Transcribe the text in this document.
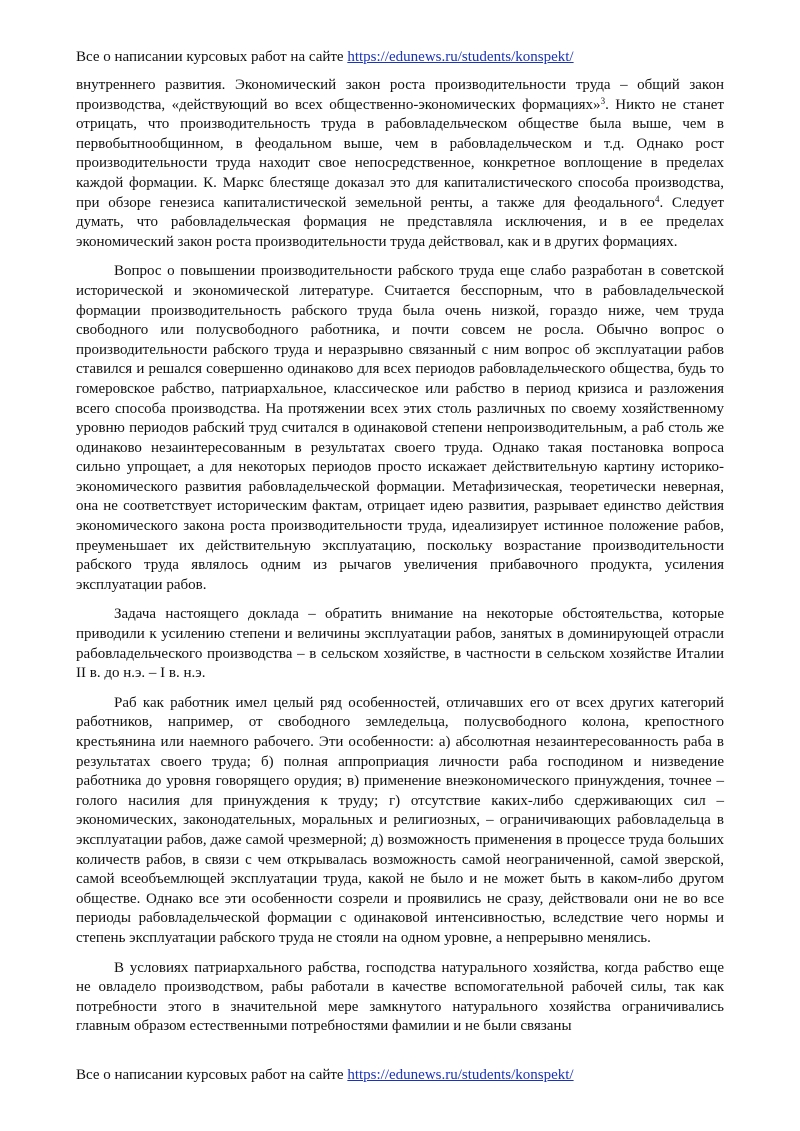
Все о написании курсовых работ на сайте https://edunews.ru/students/konspekt/

внутреннего развития. Экономический закон роста производительности труда – общий закон производства, «действующий во всех общественно-экономических формациях»$^3$. Никто не станет отрицать, что производительность труда в рабовладельческом обществе была выше, чем в первобытнообщинном, в феодальном выше, чем в рабовладельческом и т.д. Однако рост производительности труда находит свое непосредственное, конкретное воплощение в пределах каждой формации. К. Маркс блестяще доказал это для капиталистического способа производства, при обзоре генезиса капиталистической земельной ренты, а также для феодального$^4$. Следует думать, что рабовладельческая формация не представляла исключения, и в ее пределах экономический закон роста производительности труда действовал, как и в других формациях.

Вопрос о повышении производительности рабского труда еще слабо разработан в советской исторической и экономической литературе. Считается бесспорным, что в рабовладельческой формации производительность рабского труда была очень низкой, гораздо ниже, чем труда свободного или полусвободного работника, и почти совсем не росла. Обычно вопрос о производительности рабского труда и неразрывно связанный с ним вопрос об эксплуатации рабов ставился и решался совершенно одинаково для всех периодов рабовладельческого общества, будь то гомеровское рабство, патриархальное, классическое или рабство в период кризиса и разложения всего способа производства. На протяжении всех этих столь различных по своему хозяйственному уровню периодов рабский труд считался в одинаковой степени непроизводительным, а раб столь же одинаково незаинтересованным в результатах своего труда. Однако такая постановка вопроса сильно упрощает, а для некоторых периодов просто искажает действительную картину историко-экономического развития рабовладельческой формации. Метафизическая, теоретически неверная, она не соответствует историческим фактам, отрицает идею развития, разрывает единство действия экономического закона роста производительности труда, идеализирует истинное положение рабов, преуменьшает их действительную эксплуатацию, поскольку возрастание производительности рабского труда являлось одним из рычагов увеличения прибавочного продукта, усиления эксплуатации рабов.

Задача настоящего доклада – обратить внимание на некоторые обстоятельства, которые приводили к усилению степени и величины эксплуатации рабов, занятых в доминирующей отрасли рабовладельческого производства – в сельском хозяйстве, в частности в сельском хозяйстве Италии II в. до н.э. – I в. н.э.

Раб как работник имел целый ряд особенностей, отличавших его от всех других категорий работников, например, от свободного земледельца, полусвободного колона, крепостного крестьянина или наемного рабочего. Эти особенности: а) абсолютная незаинтересованность раба в результатах своего труда; б) полная аппроприация личности раба господином и низведение работника до уровня говорящего орудия; в) применение внеэкономического принуждения, точнее – голого насилия для принуждения к труду; г) отсутствие каких-либо сдерживающих сил – экономических, законодательных, моральных и религиозных, – ограничивающих рабовладельца в эксплуатации рабов, даже самой чрезмерной; д) возможность применения в процессе труда больших количеств рабов, в связи с чем открывалась возможность самой неограниченной, самой зверской, самой всеобъемлющей эксплуатации труда, какой не было и не может быть в каком-либо другом обществе. Однако все эти особенности созрели и проявились не сразу, действовали они не во все периоды рабовладельческой формации с одинаковой интенсивностью, вследствие чего нормы и степень эксплуатации рабского труда не стояли на одном уровне, а непрерывно менялись.

В условиях патриархального рабства, господства натурального хозяйства, когда рабство еще не овладело производством, рабы работали в качестве вспомогательной рабочей силы, так как потребности этого в значительной мере замкнутого натурального хозяйства ограничивались главным образом естественными потребностями фамилии и не были связаны

Все о написании курсовых работ на сайте https://edunews.ru/students/konspekt/
